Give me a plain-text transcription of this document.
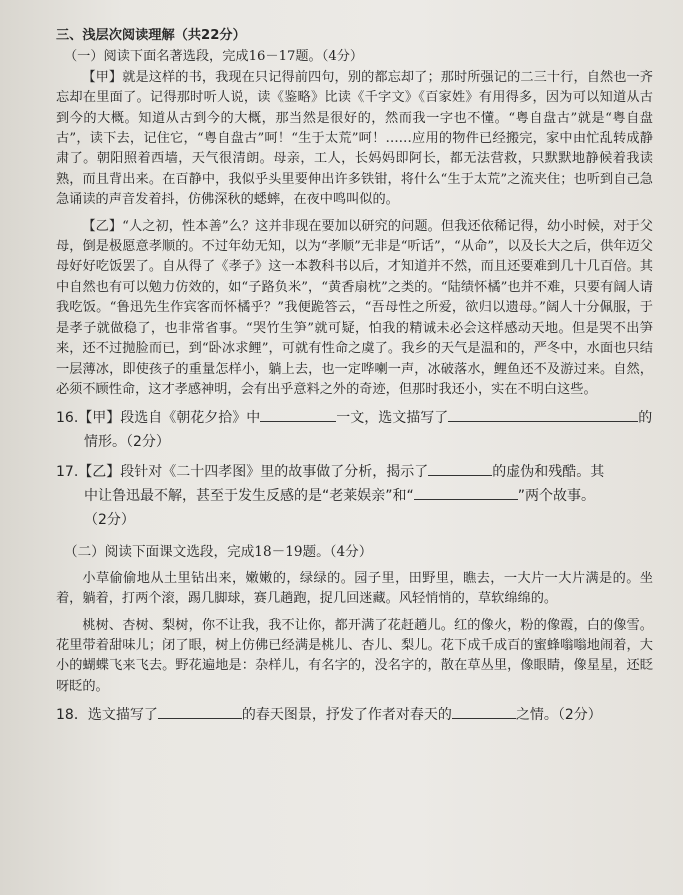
三、浅层次阅读理解（共22分）

（一）阅读下面名著选段，完成16－17题。（4分）

【甲】就是这样的书，我现在只记得前四句，别的都忘却了；那时所强记的二三十行，自然也一齐忘却在里面了。记得那时听人说，读《鉴略》比读《千字文》《百家姓》有用得多，因为可以知道从古到今的大概。知道从古到今的大概，那当然是很好的，然而我一字也不懂。“粤自盘古”就是“粤自盘古”，读下去，记住它，“粤自盘古”呵！“生于太荒”呵！……应用的物件已经搬完，家中由忙乱转成静肃了。朝阳照着西墙，天气很清朗。母亲，工人，长妈妈即阿长，都无法营救，只默默地静候着我读熟，而且背出来。在百静中，我似乎头里要伸出许多铁钳，将什么“生于太荒”之流夹住；也听到自己急急诵读的声音发着抖，仿佛深秋的蟋蟀，在夜中鸣叫似的。

【乙】“人之初，性本善”么？这并非现在要加以研究的问题。但我还依稀记得，幼小时候，对于父母，倒是极愿意孝顺的。不过年幼无知，以为“孝顺”无非是“听话”，“从命”，以及长大之后，供年迈父母好好吃饭罢了。自从得了《孝子》这一本教科书以后，才知道并不然，而且还要难到几十几百倍。其中自然也有可以勉力仿效的，如“子路负米”，“黄香扇枕”之类的。“陆绩怀橘”也并不难，只要有阔人请我吃饭。“鲁迅先生作宾客而怀橘乎？”我便跪答云，“吾母性之所爱，欲归以遗母。”阔人十分佩服，于是孝子就做稳了，也非常省事。“哭竹生笋”就可疑，怕我的精诚未必会这样感动天地。但是哭不出笋来，还不过抛脸而已，到“卧冰求鲤”，可就有性命之虞了。我乡的天气是温和的，严冬中，水面也只结一层薄冰，即使孩子的重量怎样小，躺上去，也一定哗喇一声，冰破落水，鲤鱼还不及游过来。自然，必须不顾性命，这才孝感神明，会有出乎意料之外的奇迹，但那时我还小，实在不明白这些。

16.【甲】段选自《朝花夕拾》中	一文，选文描写了	的
情形。（2分）
17.【乙】段针对《二十四孝图》里的故事做了分析，揭示了	的虚伪和残酷。其
中让鲁迅最不解，甚至于发生反感的是“老莱娱亲”和“	”两个故事。
（2分）

（二）阅读下面课文选段，完成18－19题。（4分）

小草偷偷地从土里钻出来，嫩嫩的，绿绿的。园子里，田野里，瞧去，一大片一大片满是的。坐着，躺着，打两个滚，踢几脚球，赛几趟跑，捉几回迷藏。风轻悄悄的，草软绵绵的。

桃树、杏树、梨树，你不让我，我不让你，都开满了花赶趟儿。红的像火，粉的像霞，白的像雪。花里带着甜味儿；闭了眼，树上仿佛已经满是桃儿、杏儿、梨儿。花下成千成百的蜜蜂嗡嗡地闹着，大小的蝴蝶飞来飞去。野花遍地是：杂样儿，有名字的，没名字的，散在草丛里，像眼睛，像星星，还眨呀眨的。

18．选文描写了	的春天图景，抒发了作者对春天的	之情。（2分）
